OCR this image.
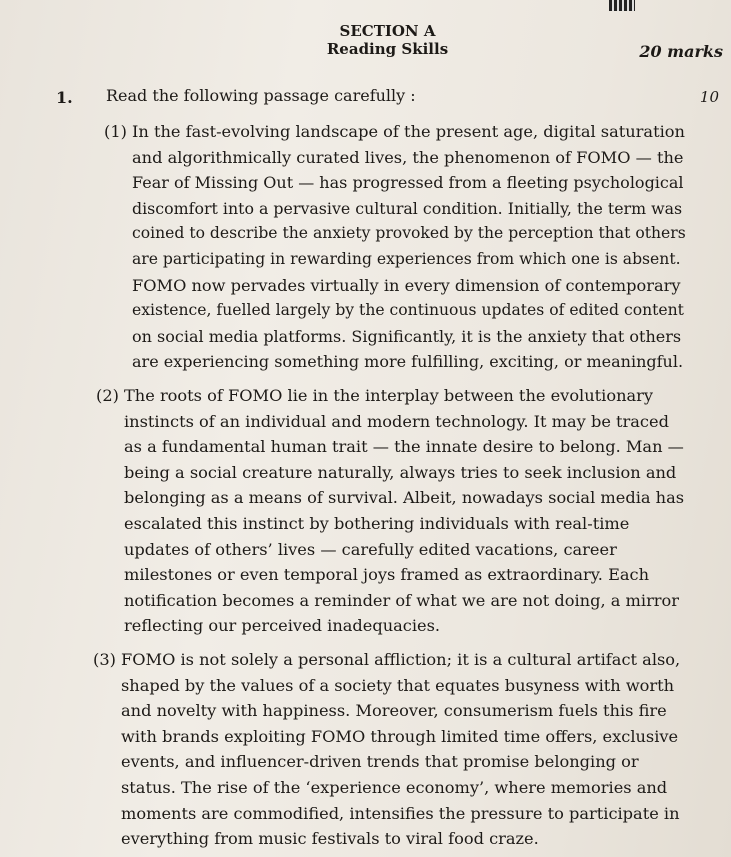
SECTION A
Reading Skills	20 marks
1. Read the following passage carefully :	10
(1) In the fast-evolving landscape of the present age, digital saturation
and algorithmically curated lives, the phenomenon of FOMO — the
Fear of Missing Out — has progressed from a fleeting psychological
discomfort into a pervasive cultural condition. Initially, the term was
coined to describe the anxiety provoked by the perception that others
are participating in rewarding experiences from which one is absent.
FOMO now pervades virtually in every dimension of contemporary
existence, fuelled largely by the continuous updates of edited content
on social media platforms. Significantly, it is the anxiety that others
are experiencing something more fulfilling, exciting, or meaningful.
(2) The roots of FOMO lie in the interplay between the evolutionary
instincts of an individual and modern technology. It may be traced
as a fundamental human trait — the innate desire to belong. Man —
being a social creature naturally, always tries to seek inclusion and
belonging as a means of survival. Albeit, nowadays social media has
escalated this instinct by bothering individuals with real-time
updates of others’ lives — carefully edited vacations, career
milestones or even temporal joys framed as extraordinary. Each
notification becomes a reminder of what we are not doing, a mirror
reflecting our perceived inadequacies.
(3) FOMO is not solely a personal affliction; it is a cultural artifact also,
shaped by the values of a society that equates busyness with worth
and novelty with happiness. Moreover, consumerism fuels this fire
with brands exploiting FOMO through limited time offers, exclusive
events, and influencer-driven trends that promise belonging or
status. The rise of the ‘experience economy’, where memories and
moments are commodified, intensifies the pressure to participate in
everything from music festivals to viral food craze.
